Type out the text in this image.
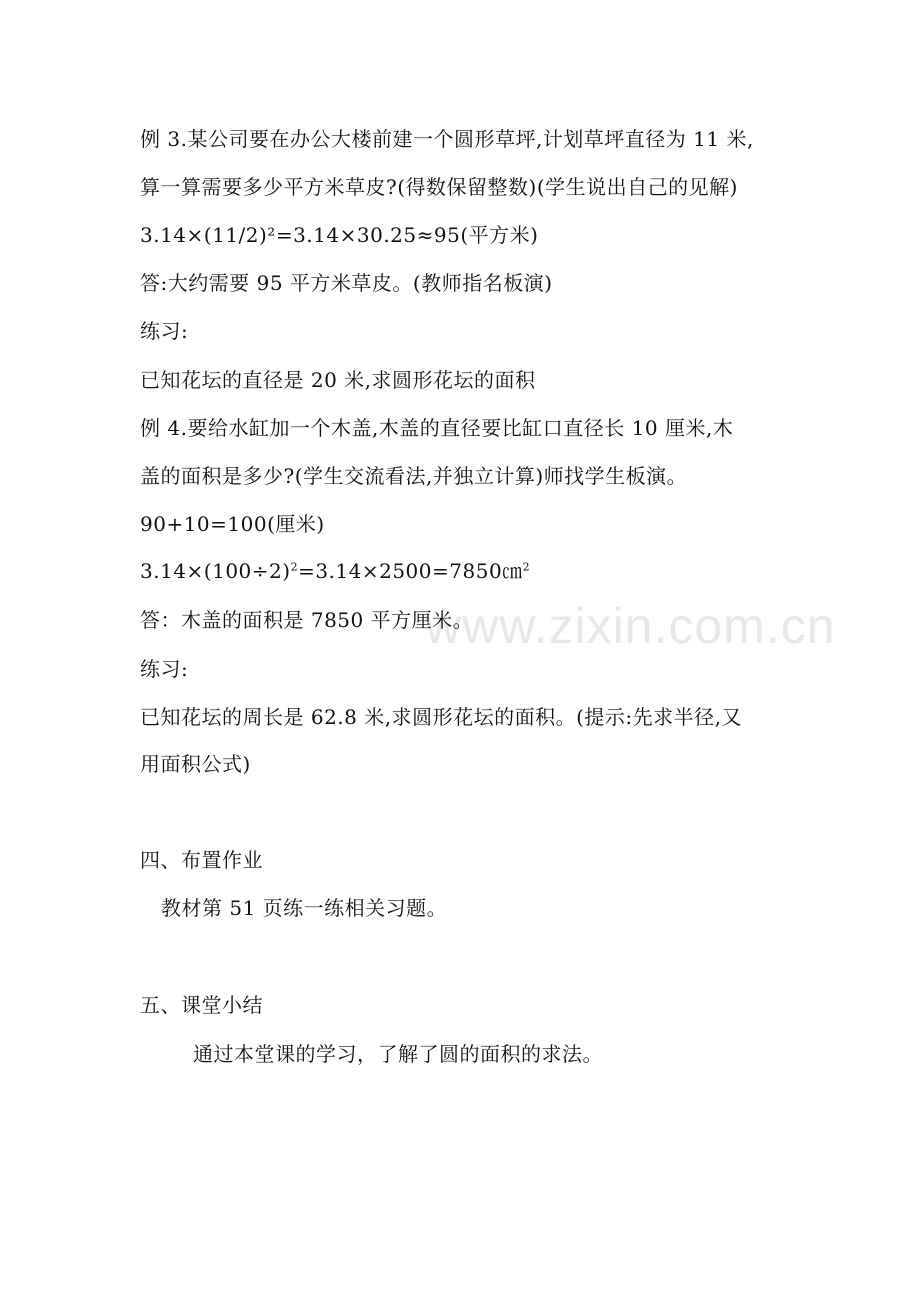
www.zixin.com.cn
例 3.某公司要在办公大楼前建一个圆形草坪,计划草坪直径为 11 米,
算一算需要多少平方米草皮?(得数保留整数)(学生说出自己的见解)
3.14×(11/2)²=3.14×30.25≈95(平方米)
答:大约需要 95 平方米草皮。(教师指名板演)
练习:
已知花坛的直径是 20 米,求圆形花坛的面积
例 4.要给水缸加一个木盖,木盖的直径要比缸口直径长 10 厘米,木
盖的面积是多少?(学生交流看法,并独立计算)师找学生板演。
90+10=100(厘米)
$3.14\times(100\div 2)^2=3.14\times 2500=7850㎝^2$
答：木盖的面积是 7850 平方厘米。
练习:
已知花坛的周长是 62.8 米,求圆形花坛的面积。(提示:先求半径,又
用面积公式)
四、布置作业
教材第 51 页练一练相关习题。
五、课堂小结
通过本堂课的学习，了解了圆的面积的求法。
